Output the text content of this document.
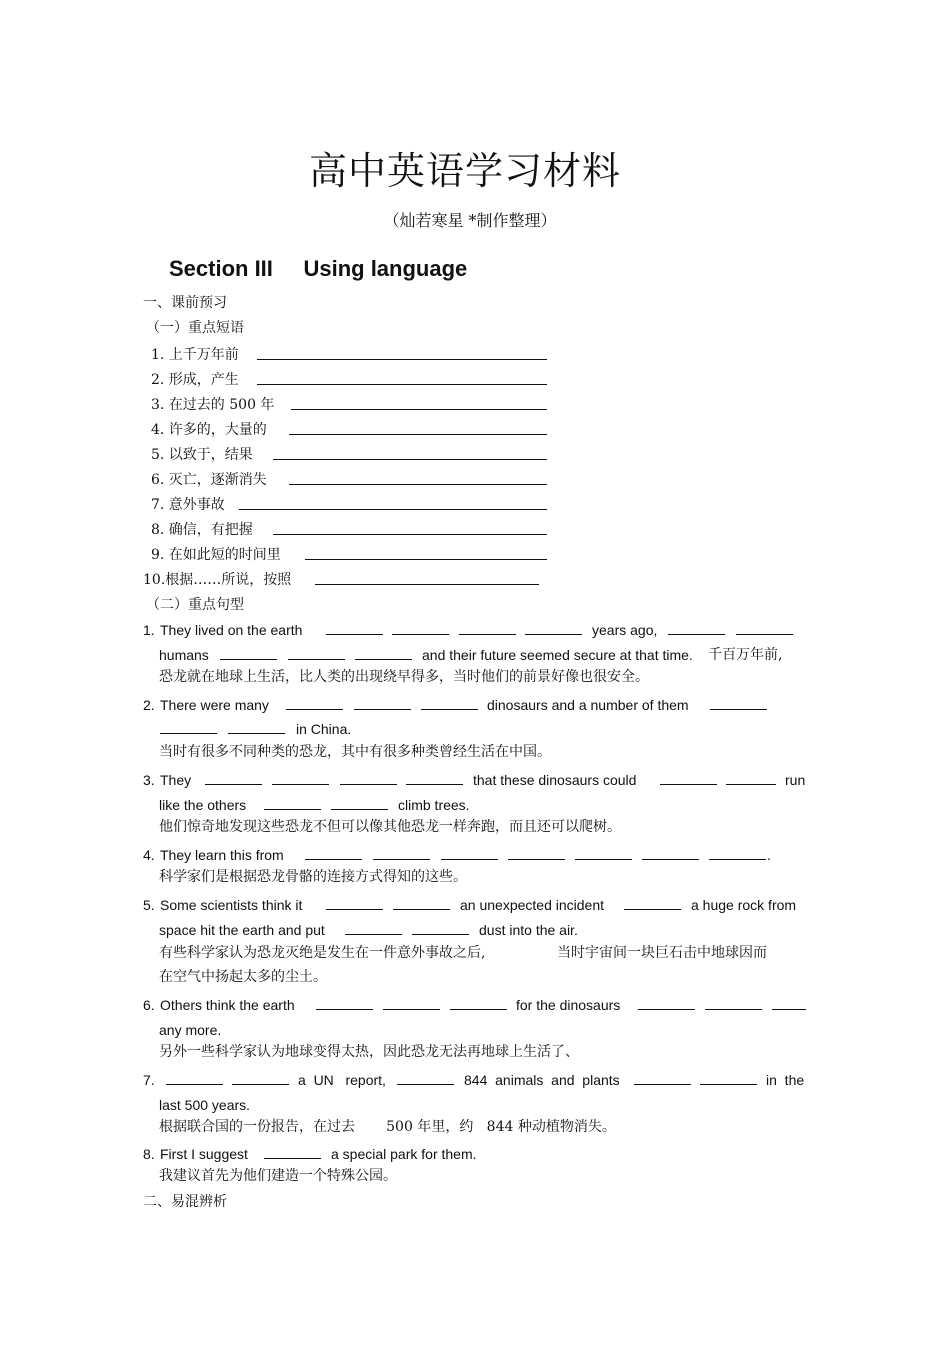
高中英语学习材料
（灿若寒星 *制作整理）
Section III     Using language
一、课前预习
（一）重点短语
1. 上千万年前
2. 形成，产生
3. 在过去的 500 年
4. 许多的，大量的
5. 以致于，结果
6. 灭亡，逐渐消失
7. 意外事故
8. 确信，有把握
9. 在如此短的时间里
10.根据……所说，按照
（二）重点句型
1. They lived on the earth	years ago,
humans	and their future seemed secure at that time. 千百万年前,
恐龙就在地球上生活，比人类的出现绕早得多，当时他们的前景好像也很安全。
2. There were many	dinosaurs and a number of them
in China.
当时有很多不同种类的恐龙，其中有很多种类曾经生活在中国。
3. They	that these dinosaurs could	run
like the others	climb trees.
他们惊奇地发现这些恐龙不但可以像其他恐龙一样奔跑，而且还可以爬树。
4. They learn this from	.
科学家们是根据恐龙骨骼的连接方式得知的这些。
5. Some scientists think it	an unexpected incident	a huge rock from
space hit the earth and put	dust into the air.
有些科学家认为恐龙灭绝是发生在一件意外事故之后,	当时宇宙间一块巨石击中地球因而
在空气中扬起太多的尘土。
6. Others think the earth	for the dinosaurs
any more.
另外一些科学家认为地球变得太热，因此恐龙无法再地球上生活了、
7.	a  UN   report,	844  animals  and  plants	in  the
last 500 years.
根据联合国的一份报告，在过去       500 年里，约   844 种动植物消失。
8. First I suggest	a special park for them.
我建议首先为他们建造一个特殊公园。
二、易混辨析
